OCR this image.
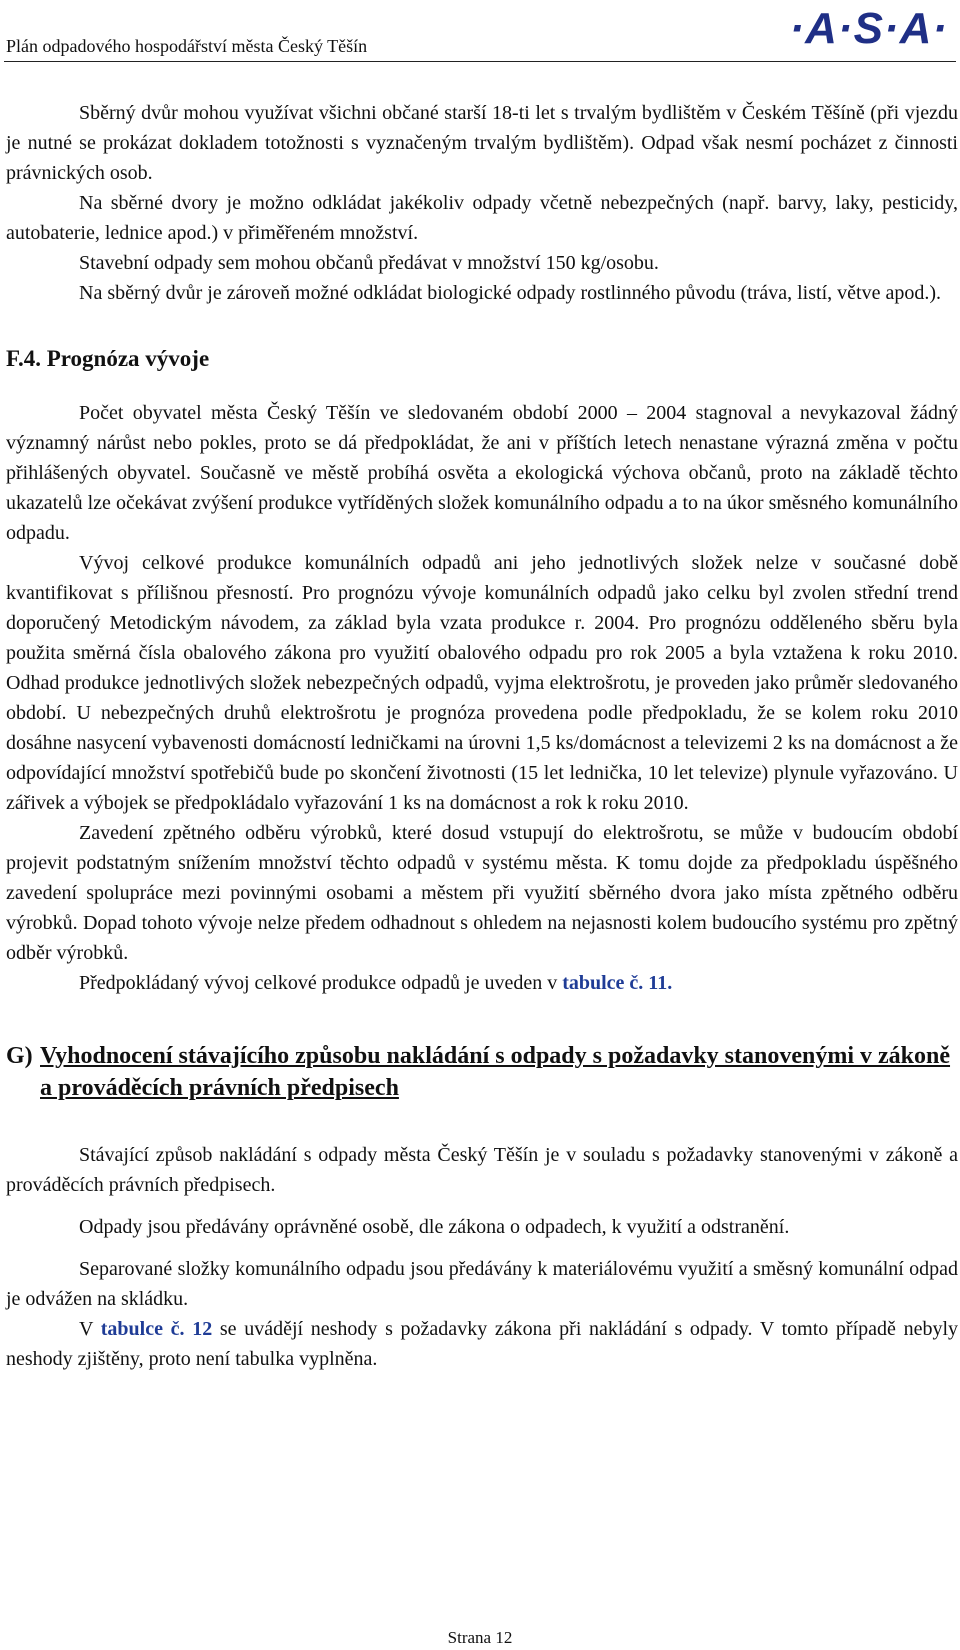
Plán odpadového hospodářství města Český Těšín	·A·S·A·

Sběrný dvůr mohou využívat všichni občané starší 18-ti let s trvalým bydlištěm v Českém Těšíně (při vjezdu je nutné se prokázat dokladem totožnosti s vyznačeným trvalým bydlištěm). Odpad však nesmí pocházet z činnosti právnických osob.

Na sběrné dvory je možno odkládat jakékoliv odpady včetně nebezpečných (např. barvy, laky, pesticidy, autobaterie, lednice apod.) v přiměřeném množství.

Stavební odpady sem mohou občanů předávat v množství 150 kg/osobu.

Na sběrný dvůr je zároveň možné odkládat biologické odpady rostlinného původu (tráva, listí, větve apod.).

F.4. Prognóza vývoje

Počet obyvatel města Český Těšín ve sledovaném období 2000 – 2004 stagnoval a nevykazoval žádný významný nárůst nebo pokles, proto se dá předpokládat, že ani v příštích letech nenastane výrazná změna v počtu přihlášených obyvatel. Současně ve městě probíhá osvěta a ekologická výchova občanů, proto na základě těchto ukazatelů lze očekávat zvýšení produkce vytříděných složek komunálního odpadu a to na úkor směsného komunálního odpadu.

Vývoj celkové produkce komunálních odpadů ani jeho jednotlivých složek nelze v současné době kvantifikovat s přílišnou přesností. Pro prognózu vývoje komunálních odpadů jako celku byl zvolen střední trend doporučený Metodickým návodem, za základ byla vzata produkce r. 2004. Pro prognózu odděleného sběru byla použita směrná čísla obalového zákona pro využití obalového odpadu pro rok 2005 a byla vztažena k roku 2010. Odhad produkce jednotlivých složek nebezpečných odpadů, vyjma elektrošrotu, je proveden jako průměr sledovaného období. U nebezpečných druhů elektrošrotu je prognóza provedena podle předpokladu, že se kolem roku 2010 dosáhne nasycení vybavenosti domácností ledničkami na úrovni 1,5 ks/domácnost a televizemi 2 ks na domácnost a že odpovídající množství spotřebičů bude po skončení životnosti (15 let lednička, 10 let televize) plynule vyřazováno. U zářivek a výbojek se předpokládalo vyřazování 1 ks na domácnost a rok k roku 2010.

Zavedení zpětného odběru výrobků, které dosud vstupují do elektrošrotu, se může v budoucím období projevit podstatným snížením množství těchto odpadů v systému města. K tomu dojde za předpokladu úspěšného zavedení spolupráce mezi povinnými osobami a městem při využití sběrného dvora jako místa zpětného odběru výrobků. Dopad tohoto vývoje nelze předem odhadnout s ohledem na nejasnosti kolem budoucího systému pro zpětný odběr výrobků.

Předpokládaný vývoj celkové produkce odpadů je uveden v tabulce č. 11.

G) Vyhodnocení stávajícího způsobu nakládání s odpady s požadavky stanovenými v zákoně a prováděcích právních předpisech

Stávající způsob nakládání s odpady města Český Těšín je v souladu s požadavky stanovenými v zákoně a prováděcích právních předpisech.

Odpady jsou předávány oprávněné osobě, dle zákona o odpadech, k využití a odstranění.

Separované složky komunálního odpadu jsou předávány k materiálovému využití a směsný komunální odpad je odvážen na skládku.

V tabulce č. 12 se uvádějí neshody s požadavky zákona při nakládání s odpady. V tomto případě nebyly neshody zjištěny, proto není tabulka vyplněna.

Strana 12
